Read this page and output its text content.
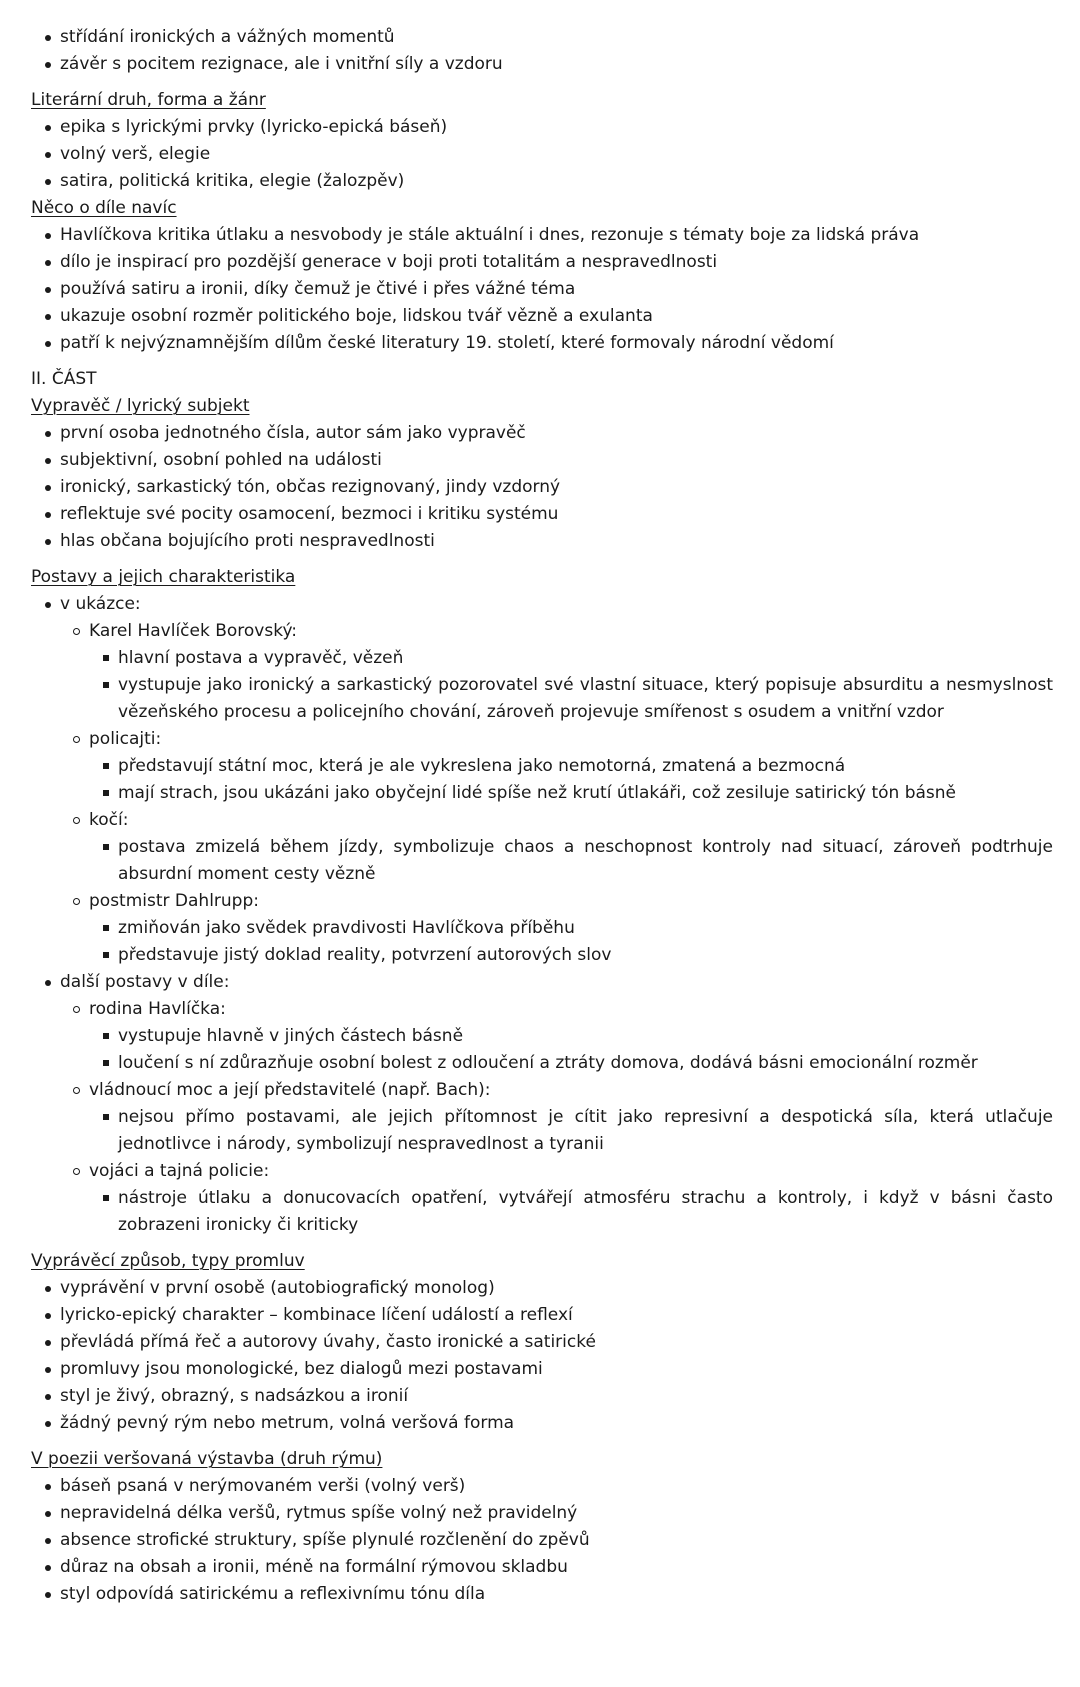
střídání ironických a vážných momentů
závěr s pocitem rezignace, ale i vnitřní síly a vzdoru
Literární druh, forma a žánr
epika s lyrickými prvky (lyricko-epická báseň)
volný verš, elegie
satira, politická kritika, elegie (žalozpěv)
Něco o díle navíc
Havlíčkova kritika útlaku a nesvobody je stále aktuální i dnes, rezonuje s tématy boje za lidská práva
dílo je inspirací pro pozdější generace v boji proti totalitám a nespravedlnosti
používá satiru a ironii, díky čemuž je čtivé i přes vážné téma
ukazuje osobní rozměr politického boje, lidskou tvář vězně a exulanta
patří k nejvýznamnějším dílům české literatury 19. století, které formovaly národní vědomí
II. ČÁST
Vypravěč / lyrický subjekt
první osoba jednotného čísla, autor sám jako vypravěč
subjektivní, osobní pohled na události
ironický, sarkastický tón, občas rezignovaný, jindy vzdorný
reflektuje své pocity osamocení, bezmoci i kritiku systému
hlas občana bojujícího proti nespravedlnosti
Postavy a jejich charakteristika
v ukázce:
Karel Havlíček Borovský:
hlavní postava a vypravěč, vězeň
vystupuje jako ironický a sarkastický pozorovatel své vlastní situace, který popisuje absurditu a nesmyslnost vězeňského procesu a policejního chování, zároveň projevuje smířenost s osudem a vnitřní vzdor
policajti:
představují státní moc, která je ale vykreslena jako nemotorná, zmatená a bezmocná
mají strach, jsou ukázáni jako obyčejní lidé spíše než krutí útlakáři, což zesiluje satirický tón básně
kočí:
postava zmizelá během jízdy, symbolizuje chaos a neschopnost kontroly nad situací, zároveň podtrhuje absurdní moment cesty vězně
postmistr Dahlrupp:
zmiňován jako svědek pravdivosti Havlíčkova příběhu
představuje jistý doklad reality, potvrzení autorových slov
další postavy v díle:
rodina Havlíčka:
vystupuje hlavně v jiných částech básně
loučení s ní zdůrazňuje osobní bolest z odloučení a ztráty domova, dodává básni emocionální rozměr
vládnoucí moc a její představitelé (např. Bach):
nejsou přímo postavami, ale jejich přítomnost je cítit jako represivní a despotická síla, která utlačuje jednotlivce i národy, symbolizují nespravedlnost a tyranii
vojáci a tajná policie:
nástroje útlaku a donucovacích opatření, vytvářejí atmosféru strachu a kontroly, i když v básni často zobrazeni ironicky či kriticky
Vyprávěcí způsob, typy promluv
vyprávění v první osobě (autobiografický monolog)
lyricko-epický charakter – kombinace líčení událostí a reflexí
převládá přímá řeč a autorovy úvahy, často ironické a satirické
promluvy jsou monologické, bez dialogů mezi postavami
styl je živý, obrazný, s nadsázkou a ironií
žádný pevný rým nebo metrum, volná veršová forma
V poezii veršovaná výstavba (druh rýmu)
báseň psaná v nerýmovaném verši (volný verš)
nepravidelná délka veršů, rytmus spíše volný než pravidelný
absence strofické struktury, spíše plynulé rozčlenění do zpěvů
důraz na obsah a ironii, méně na formální rýmovou skladbu
styl odpovídá satirickému a reflexivnímu tónu díla
